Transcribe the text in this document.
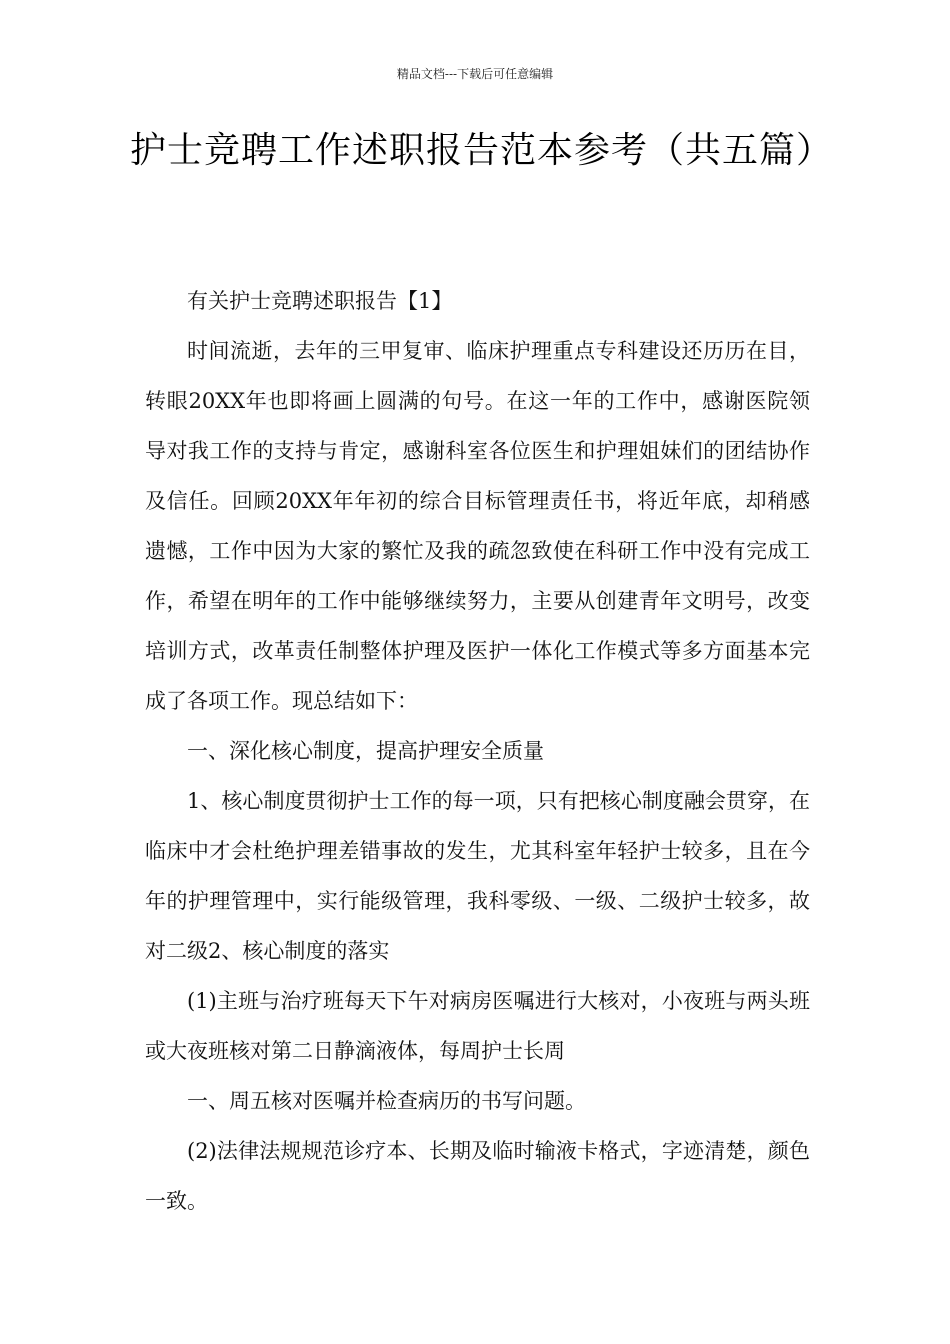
精品文档---下载后可任意编辑
护士竞聘工作述职报告范本参考（共五篇）

有关护士竞聘述职报告【1】

时间流逝，去年的三甲复审、临床护理重点专科建设还历历在目，转眼20XX年也即将画上圆满的句号。在这一年的工作中，感谢医院领导对我工作的支持与肯定，感谢科室各位医生和护理姐妹们的团结协作及信任。回顾20XX年年初的综合目标管理责任书，将近年底，却稍感遗憾，工作中因为大家的繁忙及我的疏忽致使在科研工作中没有完成工作，希望在明年的工作中能够继续努力，主要从创建青年文明号，改变培训方式，改革责任制整体护理及医护一体化工作模式等多方面基本完成了各项工作。现总结如下：

一、深化核心制度，提高护理安全质量

1、核心制度贯彻护士工作的每一项，只有把核心制度融会贯穿，在临床中才会杜绝护理差错事故的发生，尤其科室年轻护士较多，且在今年的护理管理中，实行能级管理，我科零级、一级、二级护士较多，故对二级2、核心制度的落实

(1)主班与治疗班每天下午对病房医嘱进行大核对，小夜班与两头班或大夜班核对第二日静滴液体，每周护士长周

一、周五核对医嘱并检查病历的书写问题。

(2)法律法规规范诊疗本、长期及临时输液卡格式，字迹清楚，颜色一致。
